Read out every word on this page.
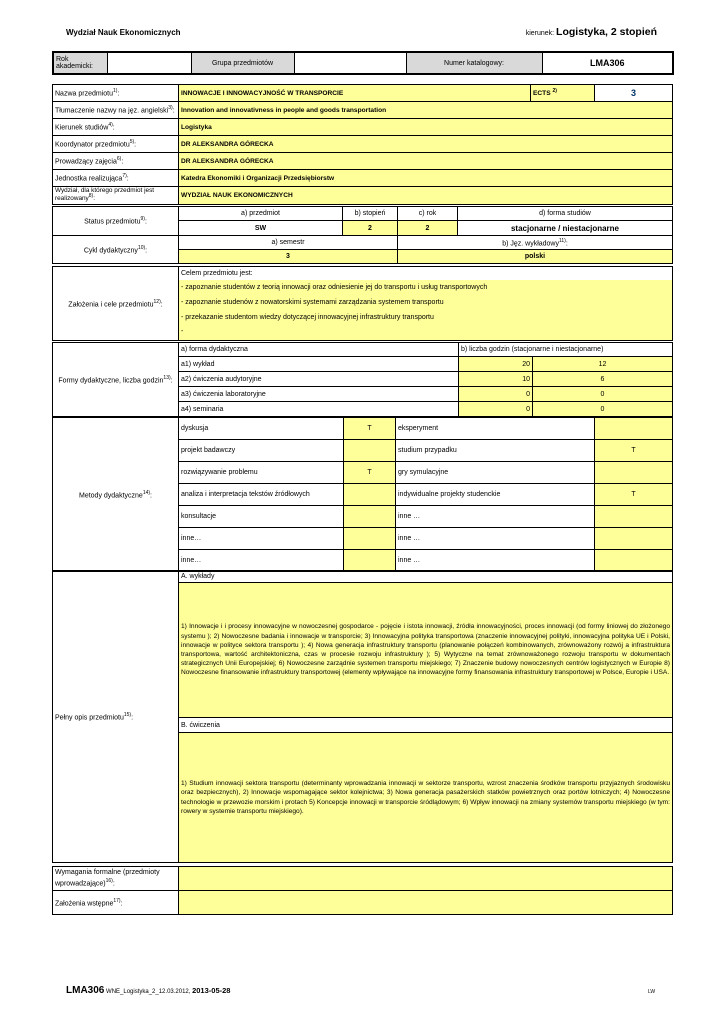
Wydział Nauk Ekonomicznych	kierunek: Logistyka, 2 stopień
Rok akademicki:		Grupa przedmiotów		Numer katalogowy:	LMA306
Nazwa przedmiotu$^{1)}$:	INNOWACJE I INNOWACYJNOŚĆ W TRANSPORCIE	ECTS $^{2)}$	3
Tłumaczenie nazwy na jęz. angielski$^{3)}$:	Innovation and innovativness in people and goods transportation		
Kierunek studiów$^{4)}$:	Logistyka		
Koordynator przedmiotu$^{5)}$:	DR ALEKSANDRA GÓRECKA		
Prowadzący zajęcia$^{6)}$:	DR ALEKSANDRA GÓRECKA		
Jednostka realizująca$^{7)}$:	Katedra Ekonomiki i Organizacji Przedsiębiorstw		
Wydział, dla którego przedmiot jest realizowany$^{8)}$:	WYDZIAŁ NAUK EKONOMICZNYCH		
Status przedmiotu$^{9)}$:	a) przedmiot	b) stopień	c) rok	d) forma studiów
	SW	2	2	stacjonarne / niestacjonarne
Cykl dydaktyczny$^{10)}$:	a) semestr		b) Jęz. wykładowy$^{11)}$:	
	3		polski	
Założenia i cele przedmiotu$^{12)}$:	
Celem przedmiotu jest:
- zapoznanie studentów z teorią innowacji oraz odniesienie jej do transportu i usług transportowych
- zapoznanie studenów z nowatorskimi systemami zarządzania systemem transportu
- przekazanie studentom wiedzy dotyczącej innowacyjnej infrastruktury transportu
-
Formy dydaktyczne, liczba godzin$^{13)}$:	a) forma dydaktyczna	b) liczba godzin (stacjonarne i niestacjonarne)	
	a1) wykład	20	12
	a2) ćwiczenia audytoryjne	10	6
	a3) ćwiczenia laboratoryjne	0	0
	a4) seminaria	0	0
Metody dydaktyczne$^{14)}$:	dyskusja	T	eksperyment	
	projekt badawczy		studium przypadku	T
	rozwiązywanie problemu	T	gry symulacyjne	
	analiza i interpretacja tekstów źródłowych		indywidualne projekty studenckie	T
	konsultacje		inne …	
	inne…		inne …	
	inne…		inne …	
Pełny opis przedmiotu$^{15)}$:	A. wykłady
1) Innowacje i i procesy innowacyjne w nowoczesnej gospodarce - pojęcie i istota innowacji, źródła innowacyjności, proces innowacji (od formy liniowej do złożonego systemu ); 2) Nowoczesne badania i innowacje w transporcie; 3) Innowacyjna polityka transportowa (znaczenie innowacyjnej polityki, innowacyjna polityka UE i Polski, innowacje w polityce sektora transportu ); 4) Nowa generacja infrastruktury transportu (planowanie połączeń kombinowanych, zrównoważony rozwój a infrastruktura transportowa, wartość architektoniczna, czas w procesie rozwoju infrastruktury ); 5) Wytyczne na temat zrównoważonego rozwoju transportu w dokumentach strategicznych Unii Europejskiej; 6) Nowoczesne zarządnie systemen transportu miejskiego; 7) Znaczenie budowy nowoczesnych centrów logistycznych w Europie 8) Nowoczesne finansowanie infrastruktury transportowej (elementy wpływające na innowacyjne formy finansowania infrastruktury transportowej w Polsce, Europie i USA.
B. ćwiczenia
1) Studium innowacji sektora transportu (determinanty wprowadzania innowacji w sektorze transportu, wzrost znaczenia środków transportu przyjaznych środowisku oraz bezpiecznych), 2) Innowacje wspomagające sektor kolejnictwa; 3) Nowa generacja pasażerskich statków powietrznych oraz portów lotniczych; 4) Nowoczesne technologie w przewozie morskim i protach 5) Koncepcje innowacji w transporcie śródlądowym; 6) Wpływ innowacji na zmiany systemów transportu miejskiego (w tym: rowery w systemie transportu miejskiego).
Wymagania formalne (przedmioty wprowadzające)$^{16)}$:	
Założenia wstępne$^{17)}$:	
LMA306 WNE_Logistyka_2_12.03.2012, 2013-05-28	LW
